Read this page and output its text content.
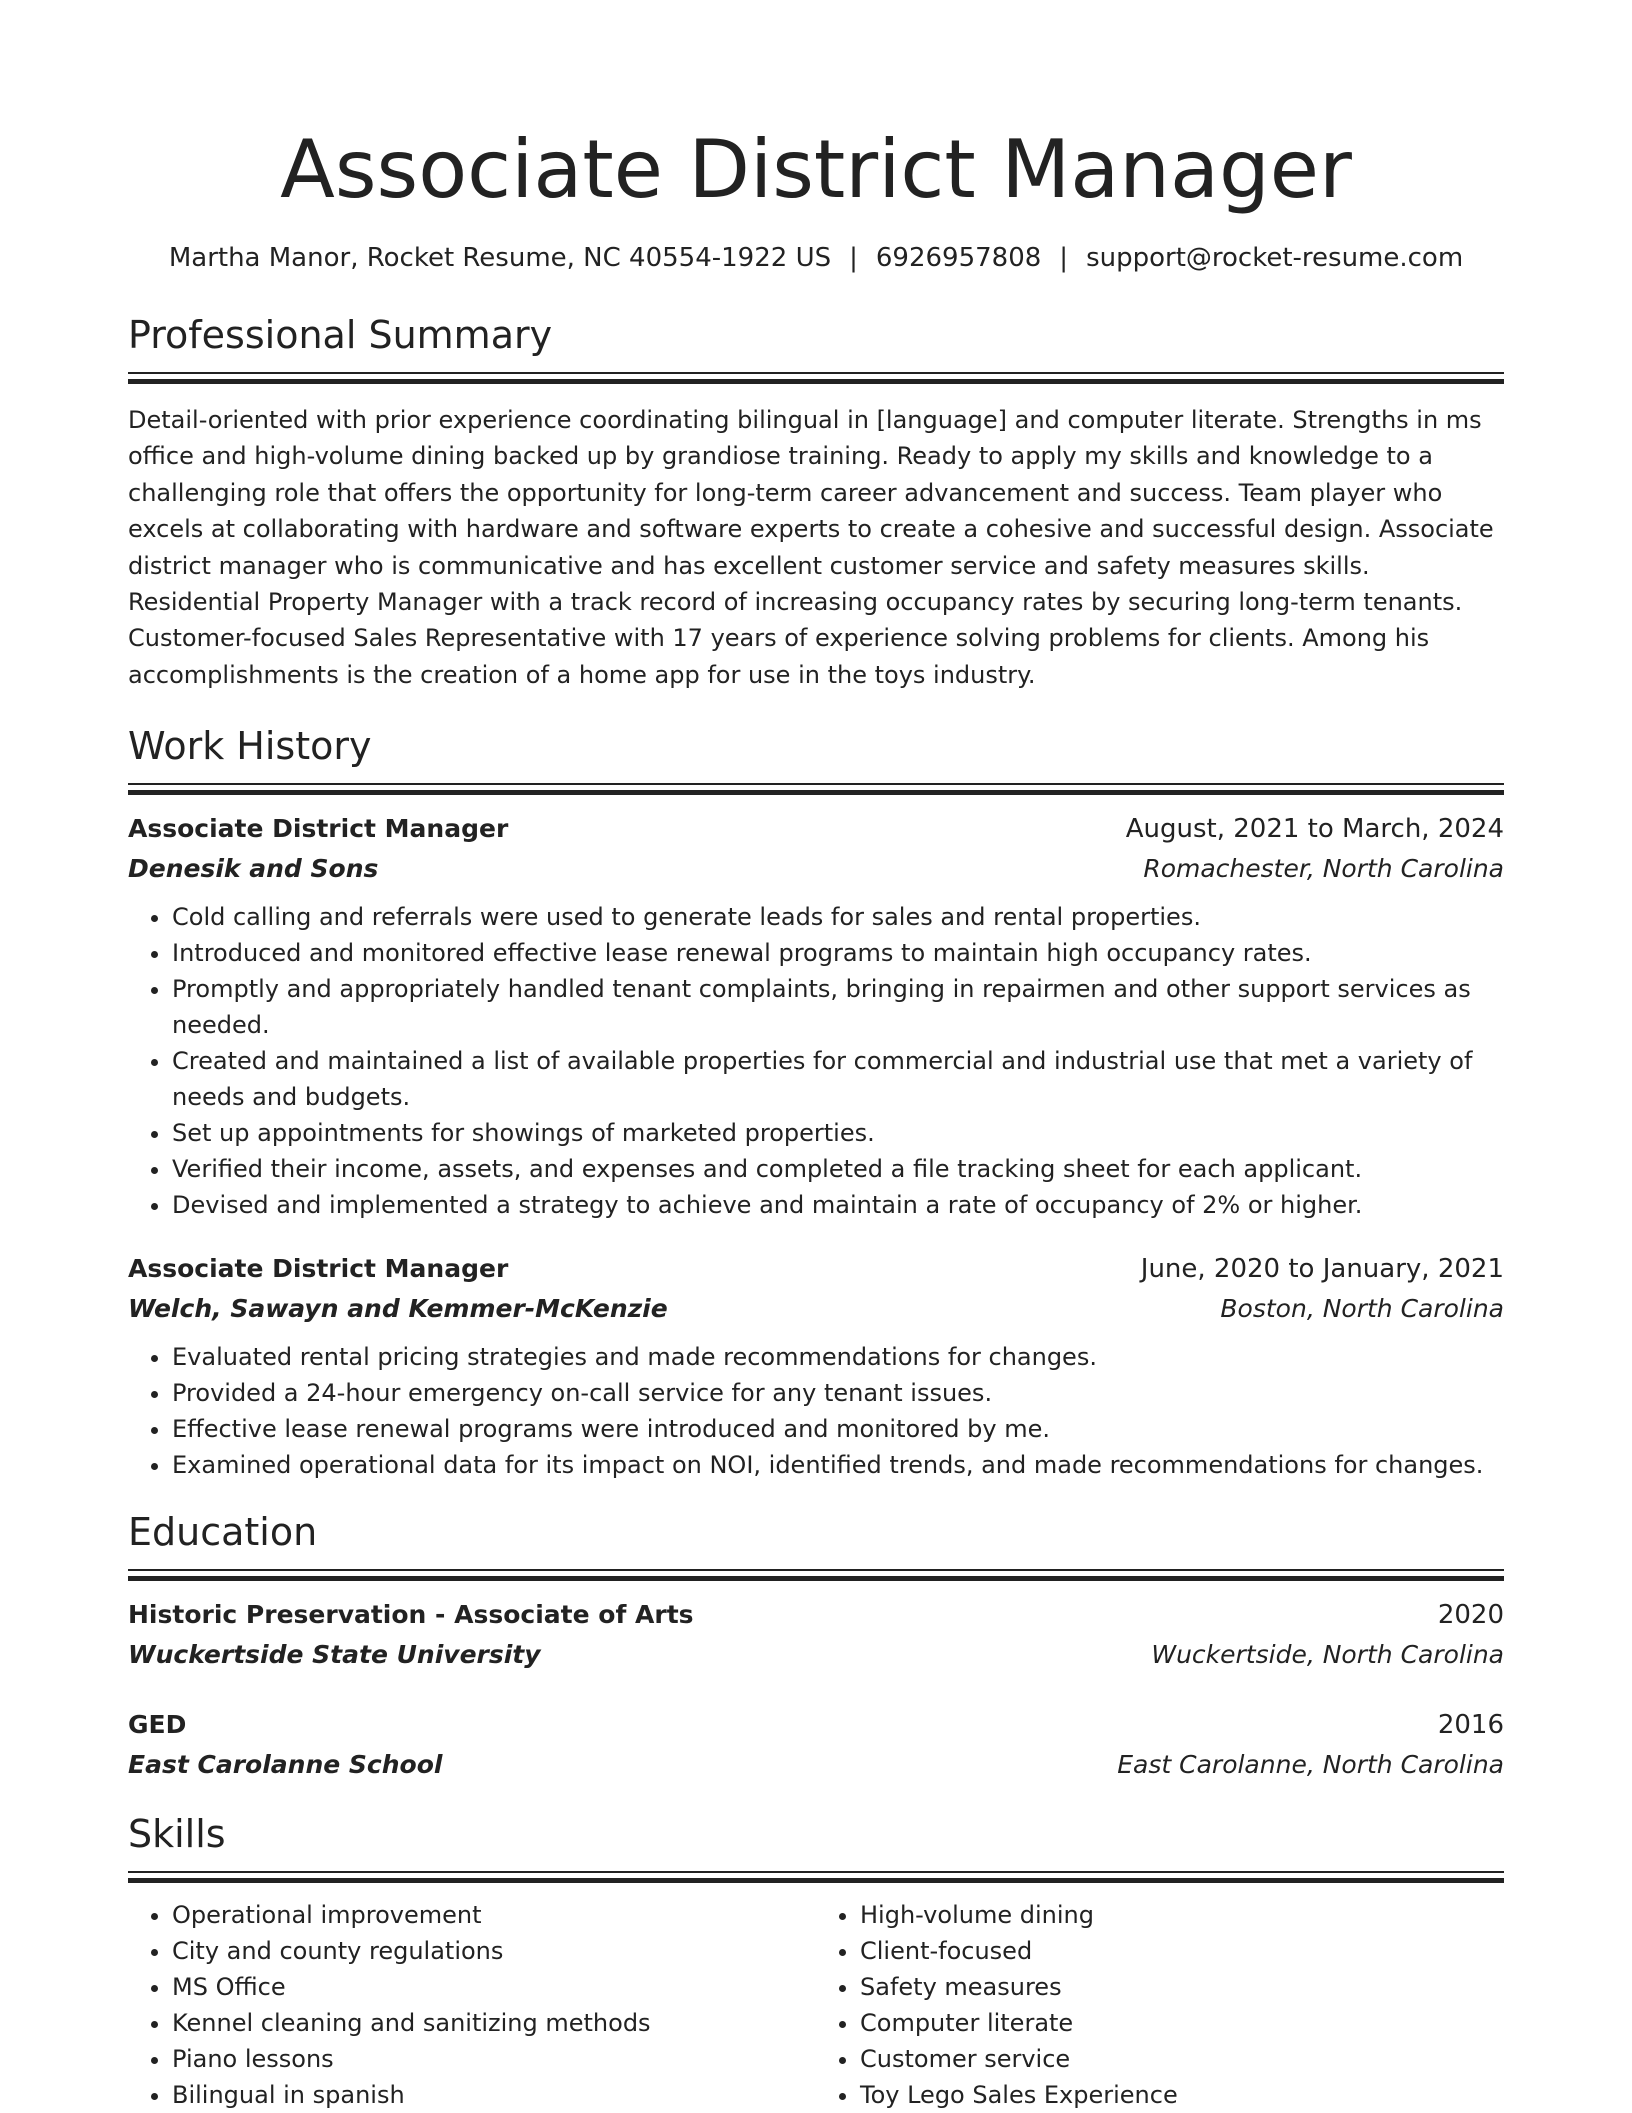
Associate District Manager
Martha Manor, Rocket Resume, NC 40554-1922 US | 6926957808 | support@rocket-resume.com
Professional Summary

Detail-oriented with prior experience coordinating bilingual in [language] and computer literate. Strengths in ms office and high-volume dining backed up by grandiose training. Ready to apply my skills and knowledge to a challenging role that offers the opportunity for long-term career advancement and success. Team player who excels at collaborating with hardware and software experts to create a cohesive and successful design. Associate district manager who is communicative and has excellent customer service and safety measures skills. Residential Property Manager with a track record of increasing occupancy rates by securing long-term tenants. Customer-focused Sales Representative with 17 years of experience solving problems for clients. Among his accomplishments is the creation of a home app for use in the toys industry.

Work History
Associate District Manager	August, 2021 to March, 2024
Denesik and Sons	Romachester, North Carolina
• Cold calling and referrals were used to generate leads for sales and rental properties.
• Introduced and monitored effective lease renewal programs to maintain high occupancy rates.
• Promptly and appropriately handled tenant complaints, bringing in repairmen and other support services as needed.
• Created and maintained a list of available properties for commercial and industrial use that met a variety of needs and budgets.
• Set up appointments for showings of marketed properties.
• Verified their income, assets, and expenses and completed a file tracking sheet for each applicant.
• Devised and implemented a strategy to achieve and maintain a rate of occupancy of 2% or higher.
Associate District Manager	June, 2020 to January, 2021
Welch, Sawayn and Kemmer-McKenzie	Boston, North Carolina
• Evaluated rental pricing strategies and made recommendations for changes.
• Provided a 24-hour emergency on-call service for any tenant issues.
• Effective lease renewal programs were introduced and monitored by me.
• Examined operational data for its impact on NOI, identified trends, and made recommendations for changes.
Education
Historic Preservation - Associate of Arts	2020
Wuckertside State University	Wuckertside, North Carolina
GED	2016
East Carolanne School	East Carolanne, North Carolina
Skills
• Operational improvement
• City and county regulations
• MS Office
• Kennel cleaning and sanitizing methods
• Piano lessons
• Bilingual in spanish
• High-volume dining
• Client-focused
• Safety measures
• Computer literate
• Customer service
• Toy Lego Sales Experience
